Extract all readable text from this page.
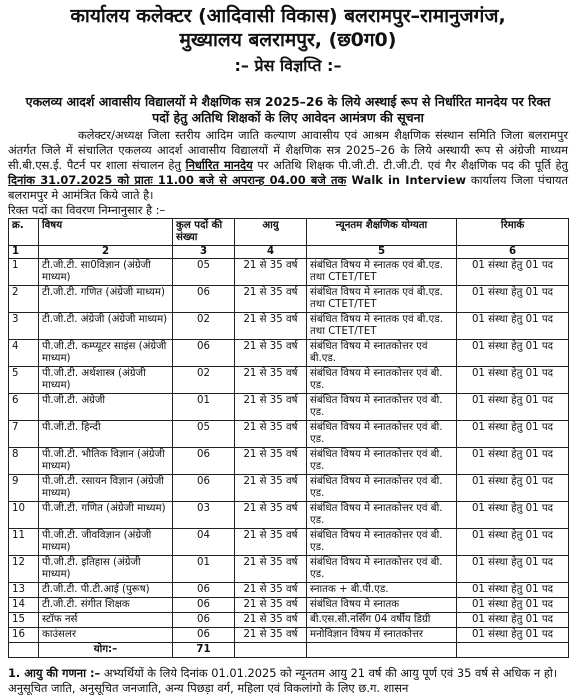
कार्यालय कलेक्टर (आदिवासी विकास) बलरामपुर–रामानुजगंज,

मुख्यालय बलरामपुर, (छ0ग0)

:– प्रेस विज्ञप्ति :–

एकलव्य आदर्श आवासीय विद्यालयों मे शैक्षणिक सत्र 2025–26 के लिये अस्थाई रूप से निर्धारित मानदेय पर रिक्त

पदों हेतु अतिथि शिक्षकों के लिए आवेदन आमंत्रण की सूचना

कलेक्टर/अध्यक्ष जिला स्तरीय आदिम जाति कल्याण आवासीय एवं आश्रम शैक्षणिक संस्थान समिति जिला बलरामपुर अंतर्गत जिले में संचालित एकलव्य आदर्श आवासीय विद्यालयों में शैक्षणिक सत्र 2025–26 के लिये अस्थायी रूप से अंग्रेजी माध्यम सी.बी.एस.ई. पैटर्न पर शाला संचालन हेतु निर्धारित मानदेय पर अतिथि शिक्षक पी.जी.टी. टी.जी.टी. एवं गैर शैक्षणिक पद की पूर्ति हेतु दिनांक 31.07.2025 को प्रातः 11.00 बजे से अपरान्ह 04.00 बजे तक Walk in Interview कार्यालय जिला पंचायत बलरामपुर मे आमंत्रित किये जाते है।

रिक्त पदों का विवरण निम्नानुसार है :–

क्र.	विषय	कुल पदों की संख्या	आयु	न्यूनतम शैक्षणिक योग्यता	रिमार्क
1	2	3	4	5	6
1	टी.जी.टी. सा0विज्ञान (अंग्रेजी माध्यम)	05	21 से 35 वर्ष	संबंधित विषय मे स्नातक एवं बी.एड. तथा CTET/TET	01 संस्था हेतु 01 पद
2	टी.जी.टी. गणित (अंग्रेजी माध्यम)	06	21 से 35 वर्ष	संबंधित विषय मे स्नातक एवं बी.एड. तथा CTET/TET	01 संस्था हेतु 01 पद
3	टी.जी.टी. अंग्रेजी (अंग्रेजी माध्यम)	02	21 से 35 वर्ष	संबंधित विषय मे स्नातक एवं बी.एड. तथा CTET/TET	01 संस्था हेतु 01 पद
4	पी.जी.टी. कम्प्यूटर साइंस (अंग्रेजी माध्यम)	06	21 से 35 वर्ष	संबंधित विषय मे स्नातकोत्तर एवं बी.एड.	01 संस्था हेतु 01 पद
5	पी.जी.टी. अर्थशास्त्र (अंग्रेजी माध्यम)	02	21 से 35 वर्ष	संबंधित विषय मे स्नातकोत्तर एवं बी. एड.	01 संस्था हेतु 01 पद
6	पी.जी.टी. अंग्रेजी	01	21 से 35 वर्ष	संबंधित विषय मे स्नातकोत्तर एवं बी. एड.	01 संस्था हेतु 01 पद
7	पी.जी.टी. हिन्दी	05	21 से 35 वर्ष	संबंधित विषय मे स्नातकोत्तर एवं बी. एड.	01 संस्था हेतु 01 पद
8	पी.जी.टी. भौतिक विज्ञान (अंग्रेजी माध्यम)	06	21 से 35 वर्ष	संबंधित विषय मे स्नातकोत्तर एवं बी. एड.	01 संस्था हेतु 01 पद
9	पी.जी.टी. रसायन विज्ञान (अंग्रेजी माध्यम)	06	21 से 35 वर्ष	संबंधित विषय मे स्नातकोत्तर एवं बी. एड.	01 संस्था हेतु 01 पद
10	पी.जी.टी. गणित (अंग्रेजी माध्यम)	03	21 से 35 वर्ष	संबंधित विषय मे स्नातकोत्तर एवं बी. एड.	01 संस्था हेतु 01 पद
11	पी.जी.टी. जीवविज्ञान (अंग्रेजी माध्यम)	04	21 से 35 वर्ष	संबंधित विषय मे स्नातकोत्तर एवं बी. एड.	01 संस्था हेतु 01 पद
12	पी.जी.टी. इतिहास (अंग्रेजी माध्यम)	01	21 से 35 वर्ष	संबंधित विषय मे स्नातकोत्तर एवं बी. एड.	01 संस्था हेतु 01 पद
13	टी.जी.टी. पी.टी.आई (पुरूष)	06	21 से 35 वर्ष	स्नातक + बी.पी.एड.	01 संस्था हेतु 01 पद
14	टी.जी.टी. संगीत शिक्षक	06	21 से 35 वर्ष	संबंधित विषय मे स्नातक	01 संस्था हेतु 01 पद
15	स्टॉफ नर्स	06	21 से 35 वर्ष	बी.एस.सी.नर्सिंग 04 वर्षीय डिग्री	01 संस्था हेतु 01 पद
16	काउंसलर	06	21 से 35 वर्ष	मनोविज्ञान विषय में स्नातकोत्तर	01 संस्था हेतु 01 पद
	योग:–	71			

1. आयु की गणना :– अभ्यर्थियों के लिये दिनांक 01.01.2025 को न्यूनतम आयु 21 वर्ष की आयु पूर्ण एवं 35 वर्ष से अधिक न हो। अनुसूचित जाति, अनुसूचित जनजाति, अन्य पिछड़ा वर्ग, महिला एवं विकलांगो के लिए छ.ग. शासन
